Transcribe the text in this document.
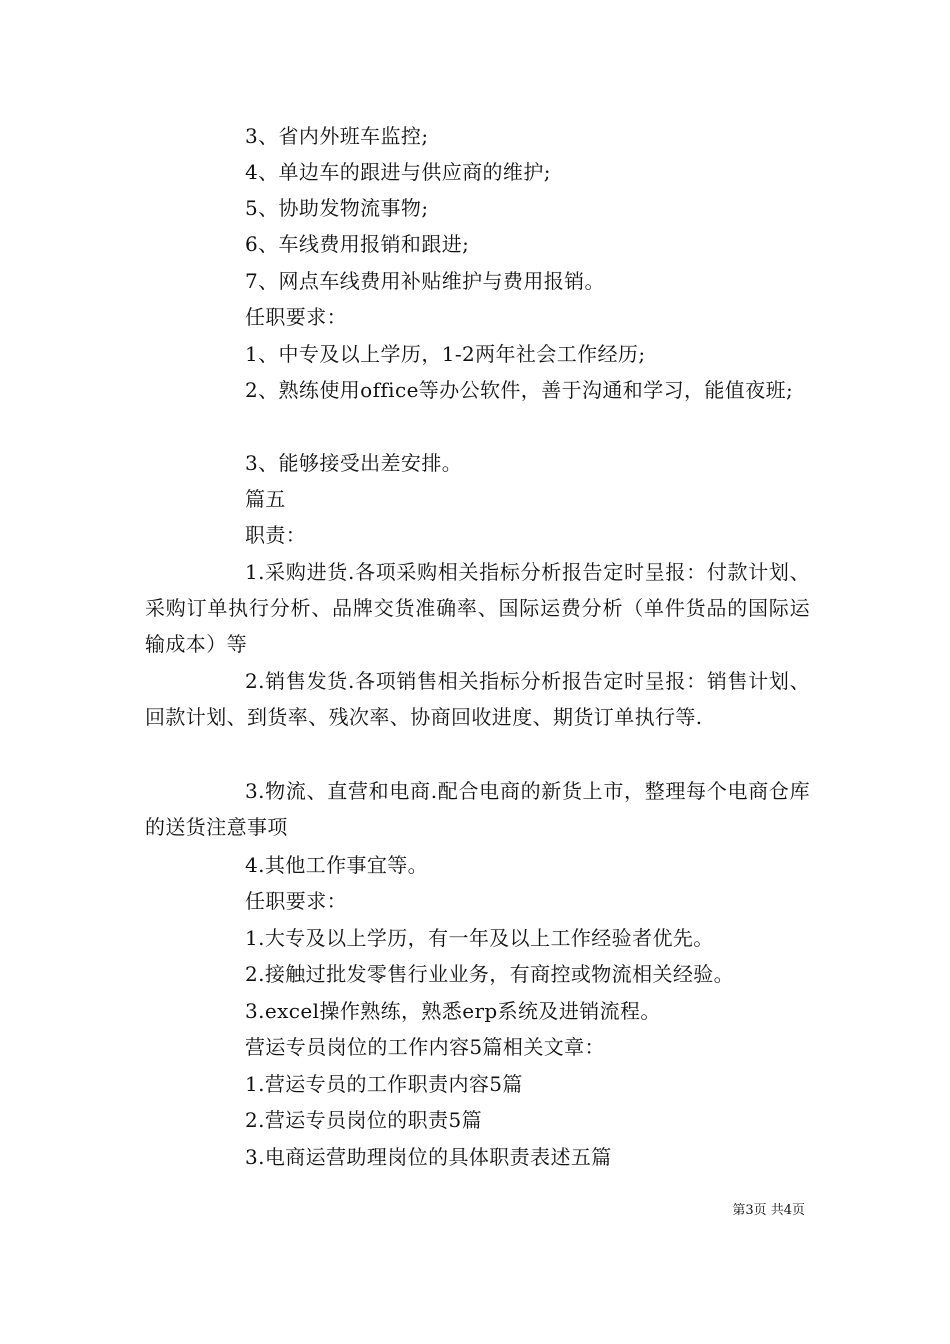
3、省内外班车监控;
4、单边车的跟进与供应商的维护;
5、协助发物流事物;
6、车线费用报销和跟进;
7、网点车线费用补贴维护与费用报销。
任职要求：
1、中专及以上学历，1-2两年社会工作经历;
2、熟练使用office等办公软件，善于沟通和学习，能值夜班;
3、能够接受出差安排。
篇五
职责：
1.采购进货.各项采购相关指标分析报告定时呈报：付款计划、采购订单执行分析、品牌交货准确率、国际运费分析（单件货品的国际运输成本）等
2.销售发货.各项销售相关指标分析报告定时呈报：销售计划、回款计划、到货率、残次率、协商回收进度、期货订单执行等.
3.物流、直营和电商.配合电商的新货上市，整理每个电商仓库的送货注意事项
4.其他工作事宜等。
任职要求：
1.大专及以上学历，有一年及以上工作经验者优先。
2.接触过批发零售行业业务，有商控或物流相关经验。
3.excel操作熟练，熟悉erp系统及进销流程。
营运专员岗位的工作内容5篇相关文章：
1.营运专员的工作职责内容5篇
2.营运专员岗位的职责5篇
3.电商运营助理岗位的具体职责表述五篇
第3页 共4页
